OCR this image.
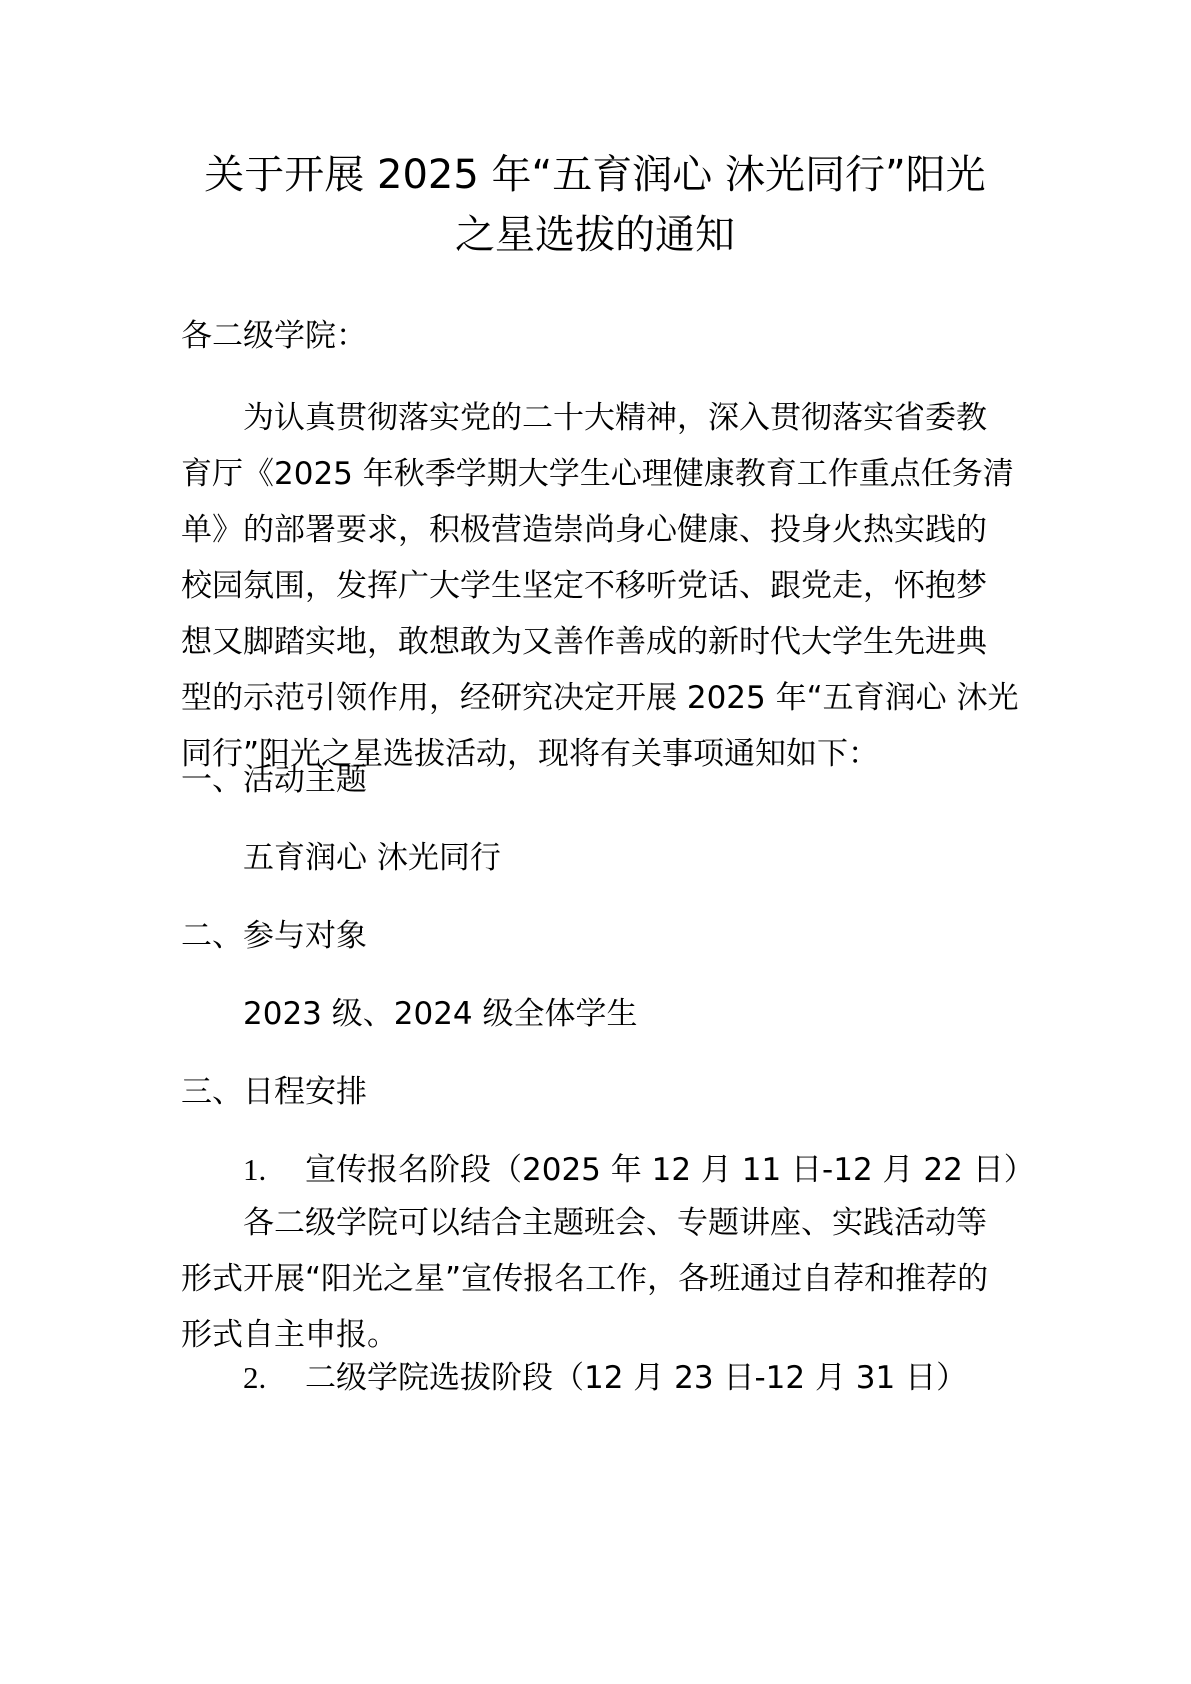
关于开展 2025 年“五育润心 沐光同行”阳光
之星选拔的通知
各二级学院：
为认真贯彻落实党的二十大精神，深入贯彻落实省委教
育厅《2025 年秋季学期大学生心理健康教育工作重点任务清
单》的部署要求，积极营造崇尚身心健康、投身火热实践的
校园氛围，发挥广大学生坚定不移听党话、跟党走，怀抱梦
想又脚踏实地，敢想敢为又善作善成的新时代大学生先进典
型的示范引领作用，经研究决定开展 2025 年“五育润心 沐光
同行”阳光之星选拔活动，现将有关事项通知如下：
一、活动主题
五育润心 沐光同行
二、参与对象
2023 级、2024 级全体学生
三、日程安排
1. 宣传报名阶段（2025 年 12 月 11 日-12 月 22 日）
各二级学院可以结合主题班会、专题讲座、实践活动等
形式开展“阳光之星”宣传报名工作，各班通过自荐和推荐的
形式自主申报。
2. 二级学院选拔阶段（12 月 23 日-12 月 31 日）
